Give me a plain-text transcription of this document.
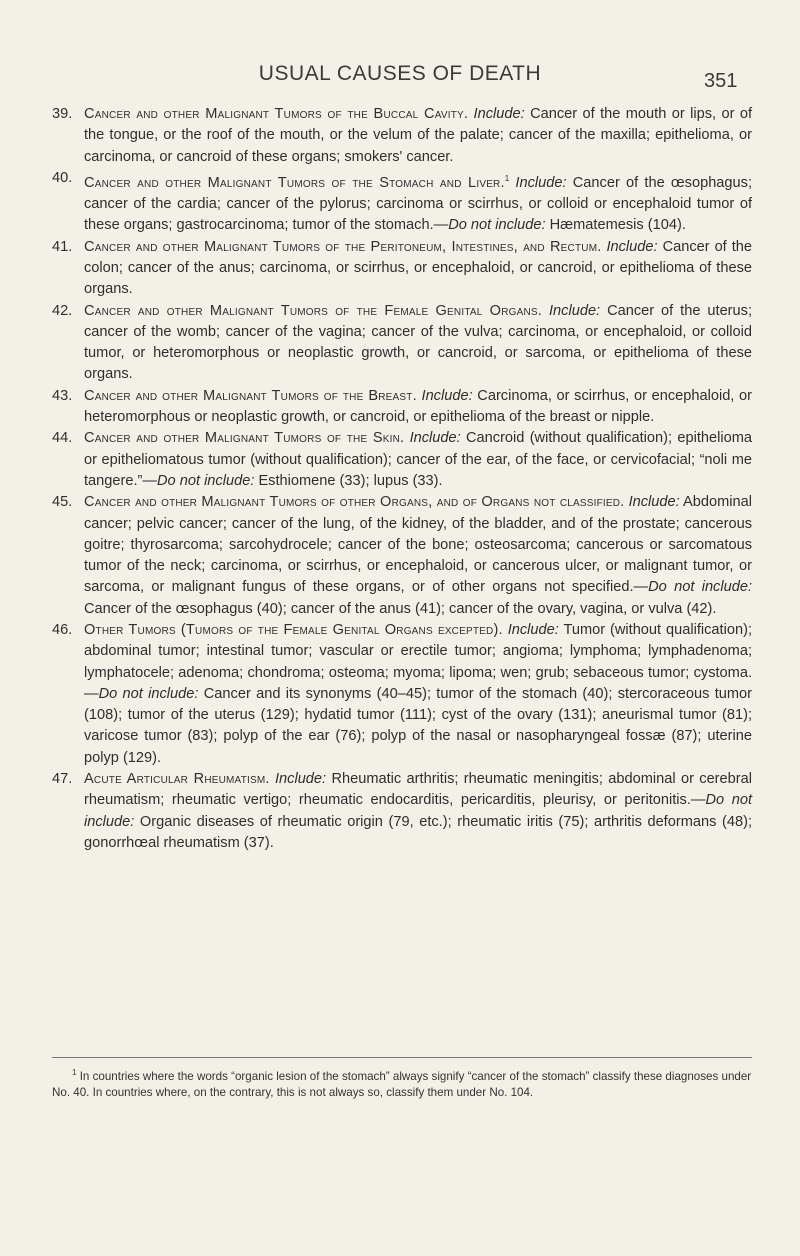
USUAL CAUSES OF DEATH	351

39. Cancer and other Malignant Tumors of the Buccal Cavity. Include: Cancer of the mouth or lips, or of the tongue, or the roof of the mouth, or the velum of the palate; cancer of the maxilla; epithelioma, or carcinoma, or cancroid of these organs; smokers' cancer.

40. Cancer and other Malignant Tumors of the Stomach and Liver.$^1$ Include: Cancer of the œsophagus; cancer of the cardia; cancer of the pylorus; carcinoma or scirrhus, or colloid or encephaloid tumor of these organs; gastrocarcinoma; tumor of the stomach.—Do not include: Hæmatemesis (104).

41. Cancer and other Malignant Tumors of the Peritoneum, Intestines, and Rectum. Include: Cancer of the colon; cancer of the anus; carcinoma, or scirrhus, or encephaloid, or cancroid, or epithelioma of these organs.

42. Cancer and other Malignant Tumors of the Female Genital Organs. Include: Cancer of the uterus; cancer of the womb; cancer of the vagina; cancer of the vulva; carcinoma, or encephaloid, or colloid tumor, or heteromorphous or neoplastic growth, or cancroid, or sarcoma, or epithelioma of these organs.

43. Cancer and other Malignant Tumors of the Breast. Include: Carcinoma, or scirrhus, or encephaloid, or heteromorphous or neoplastic growth, or cancroid, or epithelioma of the breast or nipple.

44. Cancer and other Malignant Tumors of the Skin. Include: Cancroid (without qualification); epithelioma or epitheliomatous tumor (without qualification); cancer of the ear, of the face, or cervicofacial; “noli me tangere.”—Do not include: Esthiomene (33); lupus (33).

45. Cancer and other Malignant Tumors of other Organs, and of Organs not classified. Include: Abdominal cancer; pelvic cancer; cancer of the lung, of the kidney, of the bladder, and of the prostate; cancerous goitre; thyrosarcoma; sarcohydrocele; cancer of the bone; osteosarcoma; cancerous or sarcomatous tumor of the neck; carcinoma, or scirrhus, or encephaloid, or cancerous ulcer, or malignant tumor, or sarcoma, or malignant fungus of these organs, or of other organs not specified.—Do not include: Cancer of the œsophagus (40); cancer of the anus (41); cancer of the ovary, vagina, or vulva (42).

46. Other Tumors (Tumors of the Female Genital Organs excepted). Include: Tumor (without qualification); abdominal tumor; intestinal tumor; vascular or erectile tumor; angioma; lymphoma; lymphadenoma; lymphatocele; adenoma; chondroma; osteoma; myoma; lipoma; wen; grub; sebaceous tumor; cystoma.—Do not include: Cancer and its synonyms (40–45); tumor of the stomach (40); stercoraceous tumor (108); tumor of the uterus (129); hydatid tumor (111); cyst of the ovary (131); aneurismal tumor (81); varicose tumor (83); polyp of the ear (76); polyp of the nasal or nasopharyngeal fossæ (87); uterine polyp (129).

47. Acute Articular Rheumatism. Include: Rheumatic arthritis; rheumatic meningitis; abdominal or cerebral rheumatism; rheumatic vertigo; rheumatic endocarditis, pericarditis, pleurisy, or peritonitis.—Do not include: Organic diseases of rheumatic origin (79, etc.); rheumatic iritis (75); arthritis deformans (48); gonorrhœal rheumatism (37).

$^1$ In countries where the words “organic lesion of the stomach” always signify “cancer of the stomach” classify these diagnoses under No. 40. In countries where, on the contrary, this is not always so, classify them under No. 104.
